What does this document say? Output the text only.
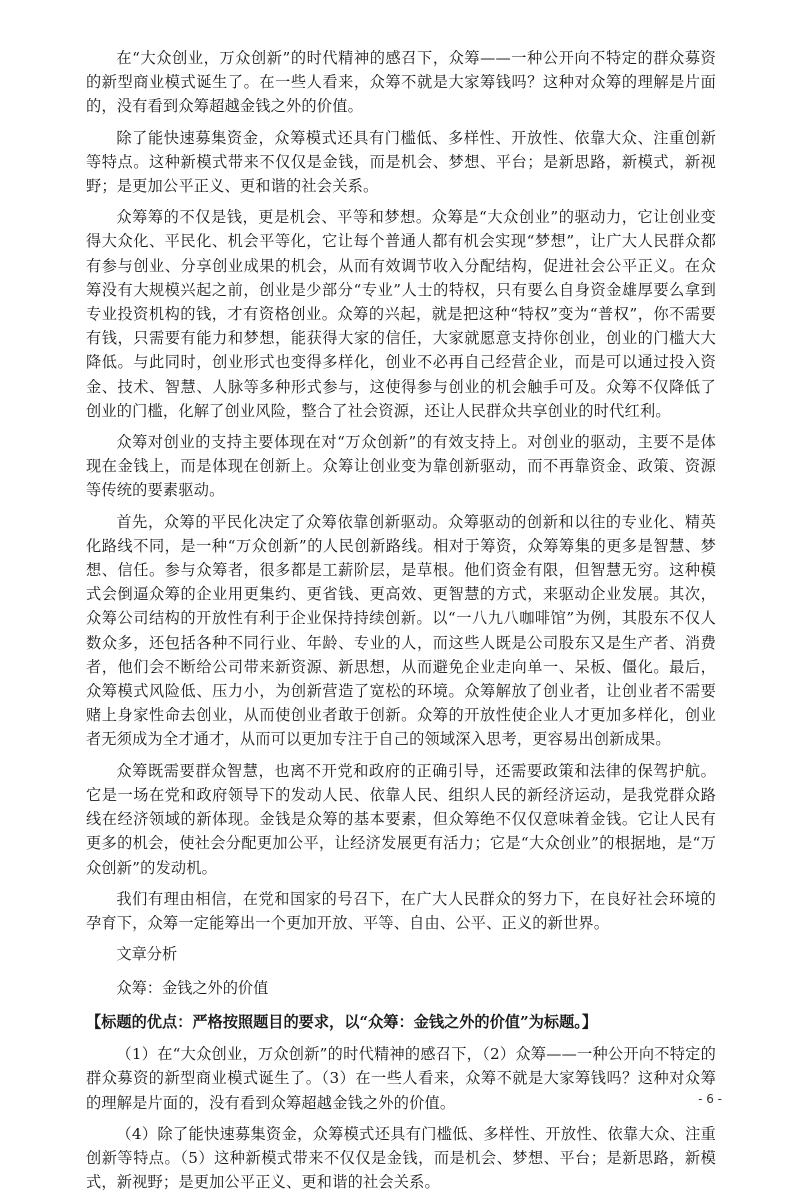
在“大众创业，万众创新”的时代精神的感召下，众筹——一种公开向不特定的群众募资的新型商业模式诞生了。在一些人看来，众筹不就是大家筹钱吗？这种对众筹的理解是片面的，没有看到众筹超越金钱之外的价值。

除了能快速募集资金，众筹模式还具有门槛低、多样性、开放性、依靠大众、注重创新等特点。这种新模式带来不仅仅是金钱，而是机会、梦想、平台；是新思路，新模式，新视野；是更加公平正义、更和谐的社会关系。

众筹筹的不仅是钱，更是机会、平等和梦想。众筹是“大众创业”的驱动力，它让创业变得大众化、平民化、机会平等化，它让每个普通人都有机会实现“梦想”，让广大人民群众都有参与创业、分享创业成果的机会，从而有效调节收入分配结构，促进社会公平正义。在众筹没有大规模兴起之前，创业是少部分“专业”人士的特权，只有要么自身资金雄厚要么拿到专业投资机构的钱，才有资格创业。众筹的兴起，就是把这种“特权”变为“普权”，你不需要有钱，只需要有能力和梦想，能获得大家的信任，大家就愿意支持你创业，创业的门槛大大降低。与此同时，创业形式也变得多样化，创业不必再自己经营企业，而是可以通过投入资金、技术、智慧、人脉等多种形式参与，这使得参与创业的机会触手可及。众筹不仅降低了创业的门槛，化解了创业风险，整合了社会资源，还让人民群众共享创业的时代红利。

众筹对创业的支持主要体现在对“万众创新”的有效支持上。对创业的驱动，主要不是体现在金钱上，而是体现在创新上。众筹让创业变为靠创新驱动，而不再靠资金、政策、资源等传统的要素驱动。

首先，众筹的平民化决定了众筹依靠创新驱动。众筹驱动的创新和以往的专业化、精英化路线不同，是一种“万众创新”的人民创新路线。相对于筹资，众筹筹集的更多是智慧、梦想、信任。参与众筹者，很多都是工薪阶层，是草根。他们资金有限，但智慧无穷。这种模式会倒逼众筹的企业用更集约、更省钱、更高效、更智慧的方式，来驱动企业发展。其次，众筹公司结构的开放性有利于企业保持持续创新。以“一八九八咖啡馆”为例，其股东不仅人数众多，还包括各种不同行业、年龄、专业的人，而这些人既是公司股东又是生产者、消费者，他们会不断给公司带来新资源、新思想，从而避免企业走向单一、呆板、僵化。最后，众筹模式风险低、压力小，为创新营造了宽松的环境。众筹解放了创业者，让创业者不需要赌上身家性命去创业，从而使创业者敢于创新。众筹的开放性使企业人才更加多样化，创业者无须成为全才通才，从而可以更加专注于自己的领域深入思考，更容易出创新成果。

众筹既需要群众智慧，也离不开党和政府的正确引导，还需要政策和法律的保驾护航。它是一场在党和政府领导下的发动人民、依靠人民、组织人民的新经济运动，是我党群众路线在经济领域的新体现。金钱是众筹的基本要素，但众筹绝不仅仅意味着金钱。它让人民有更多的机会，使社会分配更加公平，让经济发展更有活力；它是“大众创业”的根据地，是“万众创新”的发动机。

我们有理由相信，在党和国家的号召下，在广大人民群众的努力下，在良好社会环境的孕育下，众筹一定能筹出一个更加开放、平等、自由、公平、正义的新世界。

文章分析

众筹：金钱之外的价值

【标题的优点：严格按照题目的要求，以“众筹：金钱之外的价值”为标题。】

（1）在“大众创业，万众创新”的时代精神的感召下，（2）众筹——一种公开向不特定的群众募资的新型商业模式诞生了。（3）在一些人看来，众筹不就是大家筹钱吗？这种对众筹的理解是片面的，没有看到众筹超越金钱之外的价值。

（4）除了能快速募集资金，众筹模式还具有门槛低、多样性、开放性、依靠大众、注重创新等特点。（5）这种新模式带来不仅仅是金钱，而是机会、梦想、平台；是新思路，新模式，新视野；是更加公平正义、更和谐的社会关系。

- 6 -
